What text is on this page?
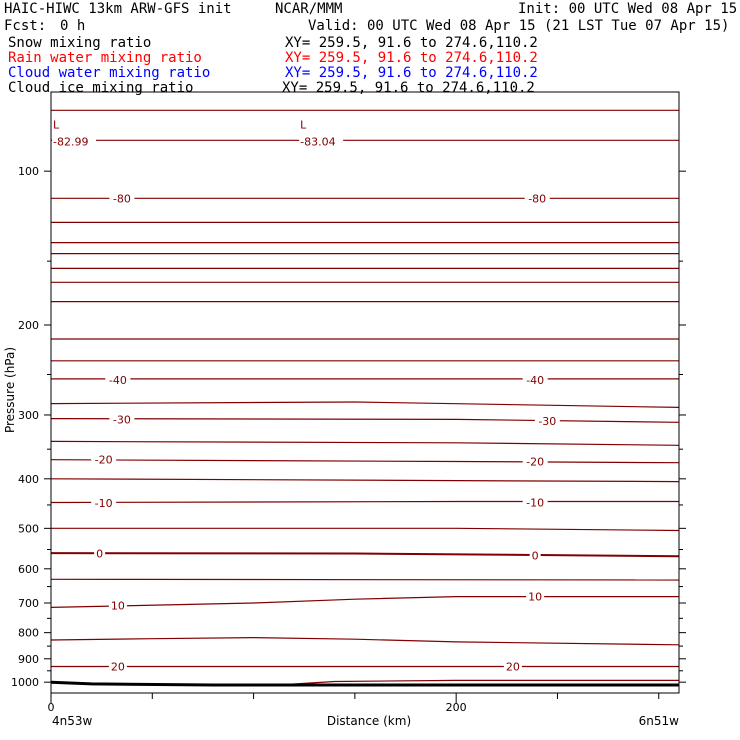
HAIC-HIWC 13km ARW-GFS init	NCAR/MMM	Init: 00 UTC Wed 08 Apr 15
Fcst: 0 h	Valid: 00 UTC Wed 08 Apr 15 (21 LST Tue 07 Apr 15)
Snow mixing ratio	XY= 259.5, 91.6 to 274.6,110.2
Rain water mixing ratio	XY= 259.5, 91.6 to 274.6,110.2
Cloud water mixing ratio	XY= 259.5, 91.6 to 274.6,110.2
Cloud ice mixing ratio	XY= 259.5, 91.6 to 274.6,110.2
-80	-80
-40	-40
-30	-30
-20	-20
-10	-10
0	0
10
10
20	20
L
-82.99
L
-83.04
100
200
300
400
500
600
700
800
900
1000
0	200
Pressure (hPa)
Distance (km)
4n53w	6n51w
